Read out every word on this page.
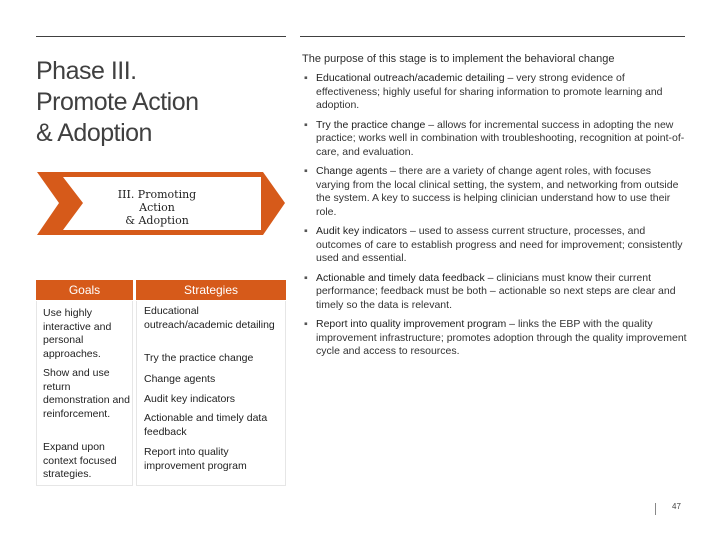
Phase III.
Promote Action
& Adoption
III. Promoting
Action
& Adoption
Goals	Strategies
Use highly interactive and personal approaches.
Show and use return demonstration and reinforcement.
Expand upon context focused strategies.
Educational outreach/academic detailing
Try the practice change
Change agents
Audit key indicators
Actionable and timely data feedback
Report into quality improvement program
The purpose of this stage is to implement the behavioral change
▪ Educational outreach/academic detailing – very strong evidence of effectiveness; highly useful for sharing information to promote learning and adoption.
▪ Try the practice change – allows for incremental success in adopting the new practice; works well in combination with troubleshooting, recognition at point-of-care, and evaluation.
▪ Change agents – there are a variety of change agent roles, with focuses varying from the local clinical setting, the system, and networking from outside the system. A key to success is helping clinician understand how to use their role.
▪ Audit key indicators – used to assess current structure, processes, and outcomes of care to establish progress and need for improvement; consistently used and essential.
▪ Actionable and timely data feedback – clinicians must know their current performance; feedback must be both – actionable so next steps are clear and timely so the data is relevant.
▪ Report into quality improvement program – links the EBP with the quality improvement infrastructure; promotes adoption through the quality improvement cycle and access to resources.
47
